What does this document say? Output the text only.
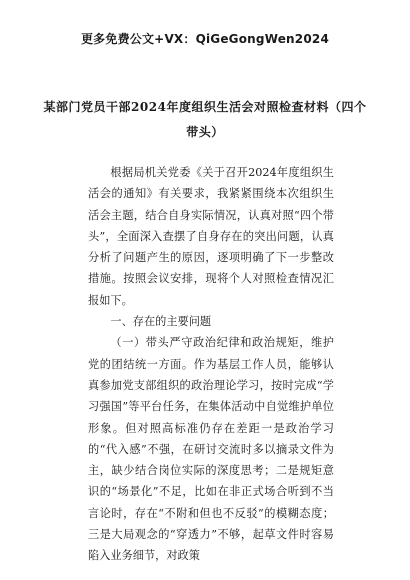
更多免费公文+VX：QiGeGongWen2024
某部门党员干部2024年度组织生活会对照检查材料（四个
带头）

根据局机关党委《关于召开2024年度组织生活会的通知》有关要求，我紧紧围绕本次组织生活会主题，结合自身实际情况，认真对照“四个带头”，全面深入查摆了自身存在的突出问题，认真分析了问题产生的原因，逐项明确了下一步整改措施。按照会议安排，现将个人对照检查情况汇报如下。

一、存在的主要问题

（一）带头严守政治纪律和政治规矩，维护党的团结统一方面。作为基层工作人员，能够认真参加党支部组织的政治理论学习，按时完成“学习强国”等平台任务，在集体活动中自觉维护单位形象。但对照高标准仍存在差距一是政治学习的“代入感”不强，在研讨交流时多以摘录文件为主，缺少结合岗位实际的深度思考；二是规矩意识的“场景化”不足，比如在非正式场合听到不当言论时，存在“不附和但也不反驳”的模糊态度；三是大局观念的“穿透力”不够，起草文件时容易陷入业务细节，对政策
